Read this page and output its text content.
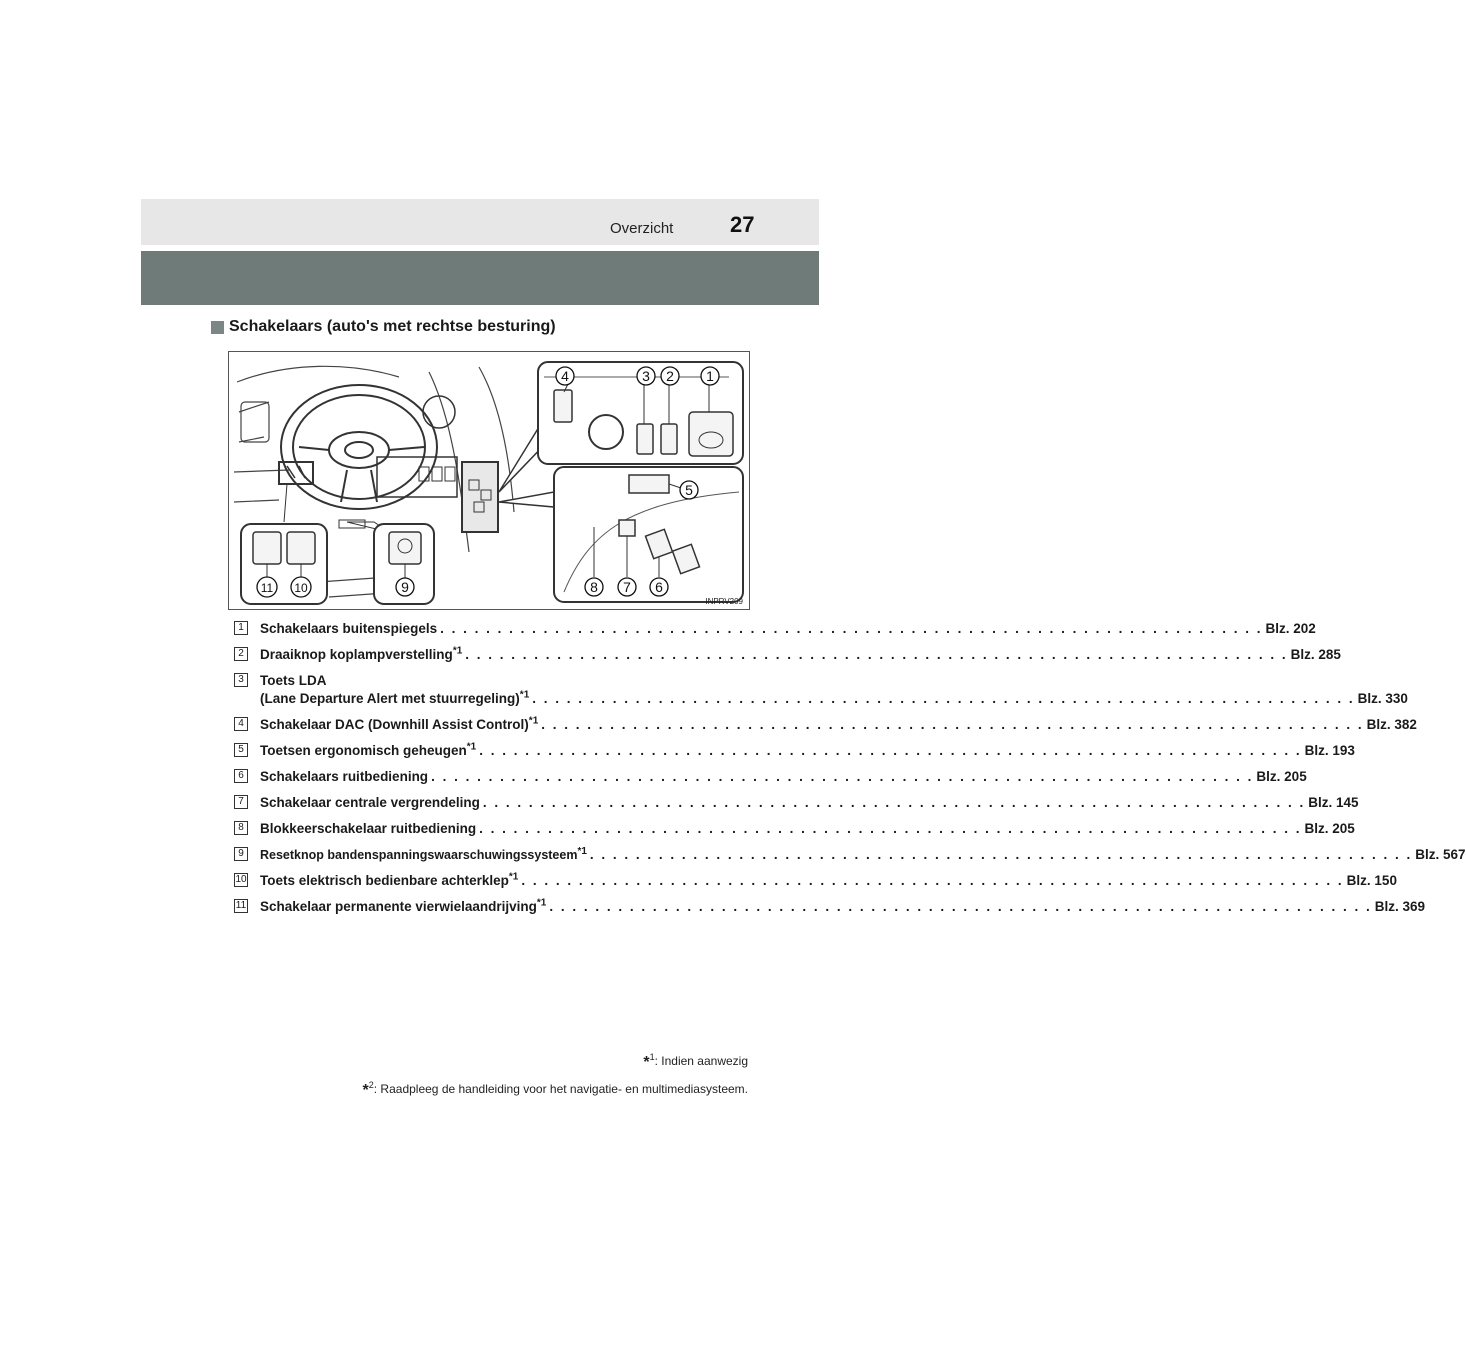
Overzicht	27
Schakelaars (auto's met rechtse besturing)
4	3 2 1
5
8 7 6
11 10	9
INPRV209
1	Schakelaars buitenspiegels . . .	Blz. 202
2	Draaiknop koplampverstelling$^{*1}$ . . .	Blz. 285
3	Toets LDA
(Lane Departure Alert met stuurregeling)$^{*1}$ . . .	Blz. 330
4	Schakelaar DAC (Downhill Assist Control)$^{*1}$ . . .	Blz. 382
5	Toetsen ergonomisch geheugen$^{*1}$ . . .	Blz. 193
6	Schakelaars ruitbediening . . .	Blz. 205
7	Schakelaar centrale vergrendeling . . .	Blz. 145
8	Blokkeerschakelaar ruitbediening . . .	Blz. 205
9	Resetknop bandenspanningswaarschuwingssysteem$^{*1}$ . . .	Blz. 567
10 Toets elektrisch bedienbare achterklep$^{*1}$ . . .	Blz. 150
11 Schakelaar permanente vierwielaandrijving$^{*1}$ . . .	Blz. 369
*$^1$: Indien aanwezig
*$^2$: Raadpleeg de handleiding voor het navigatie- en multimediasysteem.
